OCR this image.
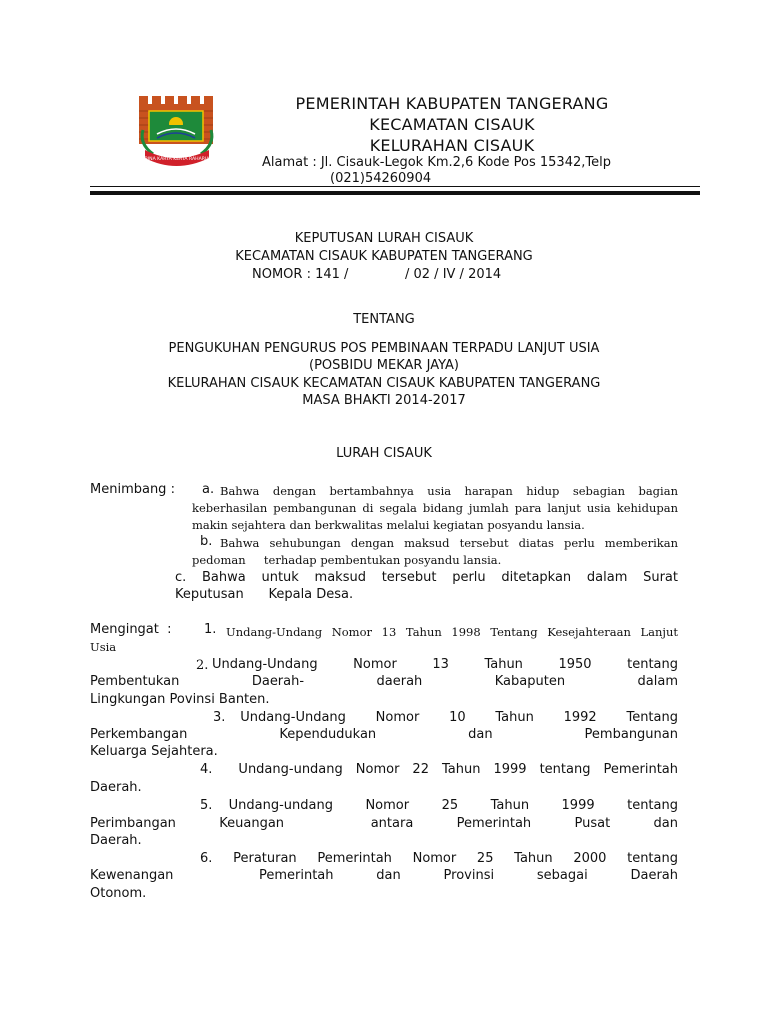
BINA KARYA KERTA RAHARJA
PEMERINTAH KABUPATEN TANGERANG
KECAMATAN CISAUK
KELURAHAN CISAUK
Alamat : Jl. Cisauk-Legok Km.2,6 Kode Pos 15342,Telp
(021)54260904
KEPUTUSAN LURAH CISAUK
KECAMATAN CISAUK KABUPATEN TANGERANG
NOMOR : 141 /	/ 02 / IV / 2014
TENTANG
PENGUKUHAN PENGURUS POS PEMBINAAN TERPADU LANJUT USIA
(POSBIDU MEKAR JAYA)
KELURAHAN CISAUK KECAMATAN CISAUK KABUPATEN TANGERANG
MASA BHAKTI 2014-2017
LURAH CISAUK
Menimbang : a. Bahwa dengan bertambahnya usia harapan hidup sebagian bagian
keberhasilan pembangunan di segala bidang jumlah para lanjut usia kehidupan
makin sejahtera dan berkwalitas melalui kegiatan posyandu lansia.
b. Bahwa sehubungan dengan maksud tersebut diatas perlu memberikan
pedoman     terhadap pembentukan posyandu lansia.
c. Bahwa untuk maksud tersebut perlu ditetapkan dalam Surat
Keputusan      Kepala Desa.
Mengingat  : 1. Undang-Undang Nomor 13 Tahun 1998 Tentang Kesejahteraan Lanjut
Usia
2. Undang-Undang  Nomor  13  Tahun  1950  tentang
Pembentukan  Daerah-  daerah  Kabaputen  dalam
Lingkungan Povinsi Banten.
3. Undang-Undang  Nomor  10  Tahun  1992  Tentang
Perkembangan  Kependudukan  dan  Pembangunan
Keluarga Sejahtera.
4.  Undang-undang Nomor 22 Tahun 1999 tentang Pemerintah
Daerah.
5. Undang-undang  Nomor  25  Tahun  1999  tentang
Perimbangan Keuangan  antara Pemerintah Pusat dan
Daerah.
6.  Peraturan  Pemerintah  Nomor  25  Tahun  2000  tentang
Kewenangan  Pemerintah dan Provinsi sebagai Daerah
Otonom.
